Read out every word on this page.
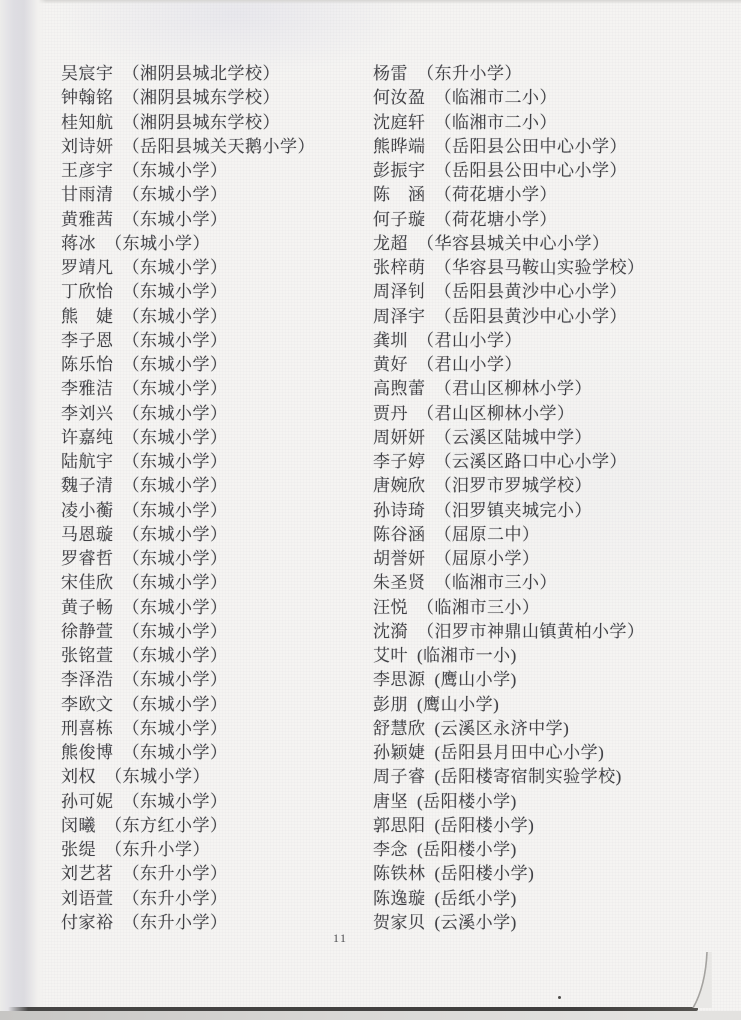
吴宸宇 （湘阴县城北学校）
钟翰铭 （湘阴县城东学校）
桂知航 （湘阴县城东学校）
刘诗妍 （岳阳县城关天鹅小学）
王彦宇 （东城小学）
甘雨清 （东城小学）
黄雅茜 （东城小学）
蒋冰 （东城小学）
罗靖凡 （东城小学）
丁欣怡 （东城小学）
熊　婕 （东城小学）
李子恩 （东城小学）
陈乐怡 （东城小学）
李雅洁 （东城小学）
李刘兴 （东城小学）
许嘉纯 （东城小学）
陆航宇 （东城小学）
魏子清 （东城小学）
凌小蘅 （东城小学）
马恩璇 （东城小学）
罗睿哲 （东城小学）
宋佳欣 （东城小学）
黄子畅 （东城小学）
徐静萱 （东城小学）
张铭萱 （东城小学）
李泽浩 （东城小学）
李欧文 （东城小学）
刑喜栋 （东城小学）
熊俊博 （东城小学）
刘权 （东城小学）
孙可妮 （东城小学）
闵曦 （东方红小学）
张缇 （东升小学）
刘艺茗 （东升小学）
刘语萱 （东升小学）
付家裕 （东升小学）
杨雷 （东升小学）
何汝盈 （临湘市二小）
沈庭轩 （临湘市二小）
熊晔端 （岳阳县公田中心小学）
彭振宇 （岳阳县公田中心小学）
陈　涵 （荷花塘小学）
何子璇 （荷花塘小学）
龙超 （华容县城关中心小学）
张梓萌 （华容县马鞍山实验学校）
周泽钊 （岳阳县黄沙中心小学）
周泽宇 （岳阳县黄沙中心小学）
龚圳 （君山小学）
黄好 （君山小学）
高煦蕾 （君山区柳林小学）
贾丹 （君山区柳林小学）
周妍妍 （云溪区陆城中学）
李子婷 （云溪区路口中心小学）
唐婉欣 （汨罗市罗城学校）
孙诗琦 （汨罗镇夹城完小）
陈谷涵 （屈原二中）
胡誉妍 （屈原小学）
朱圣贤 （临湘市三小）
汪悦 （临湘市三小）
沈漪 （汨罗市神鼎山镇黄柏小学）
艾叶 (临湘市一小)
李思源 (鹰山小学)
彭朋 (鹰山小学)
舒慧欣 (云溪区永济中学)
孙颖婕 (岳阳县月田中心小学)
周子睿 (岳阳楼寄宿制实验学校)
唐坚 (岳阳楼小学)
郭思阳 (岳阳楼小学)
李念 (岳阳楼小学)
陈铁林 (岳阳楼小学)
陈逸璇 (岳纸小学)
贺家贝 (云溪小学)
11
